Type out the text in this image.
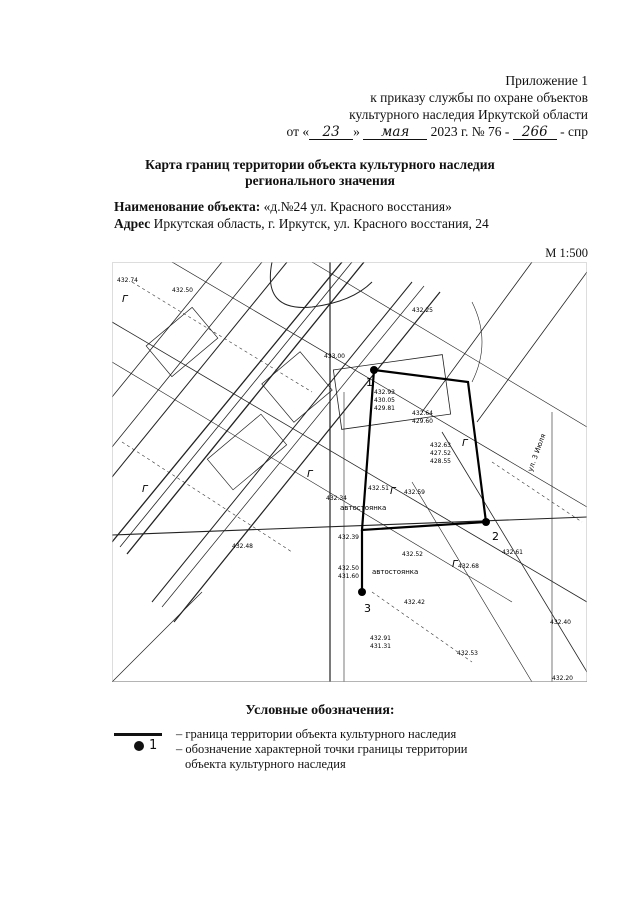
Приложение 1
к приказу службы по охране объектов
культурного наследия Иркутской области
от « 23 » мая 2023 г. № 76 - 266 - спр
Карта границ территории объекта культурного наследия
регионального значения
Наименование объекта: «д.№24 ул. Красного восстания»
Адрес Иркутская область, г. Иркутск, ул. Красного восстания, 24
М 1:500
1
2
3
Г
Г
Г
Г
Г
Г
автостоянка
автостоянка
ул. 3 Июля
432.74
432.50
432.25
433.00
432.93
430.05
429.81
432.64
429.60
432.63
427.52
428.55
432.51
432.59
432.34
432.39
432.48
432.52
432.42
432.50
431.60
432.61
432.68
432.91
431.31
432.53
432.40
432.20
Условные обозначения:
– граница территории объекта культурного наследия
1 – обозначение характерной точки границы территории
объекта культурного наследия
